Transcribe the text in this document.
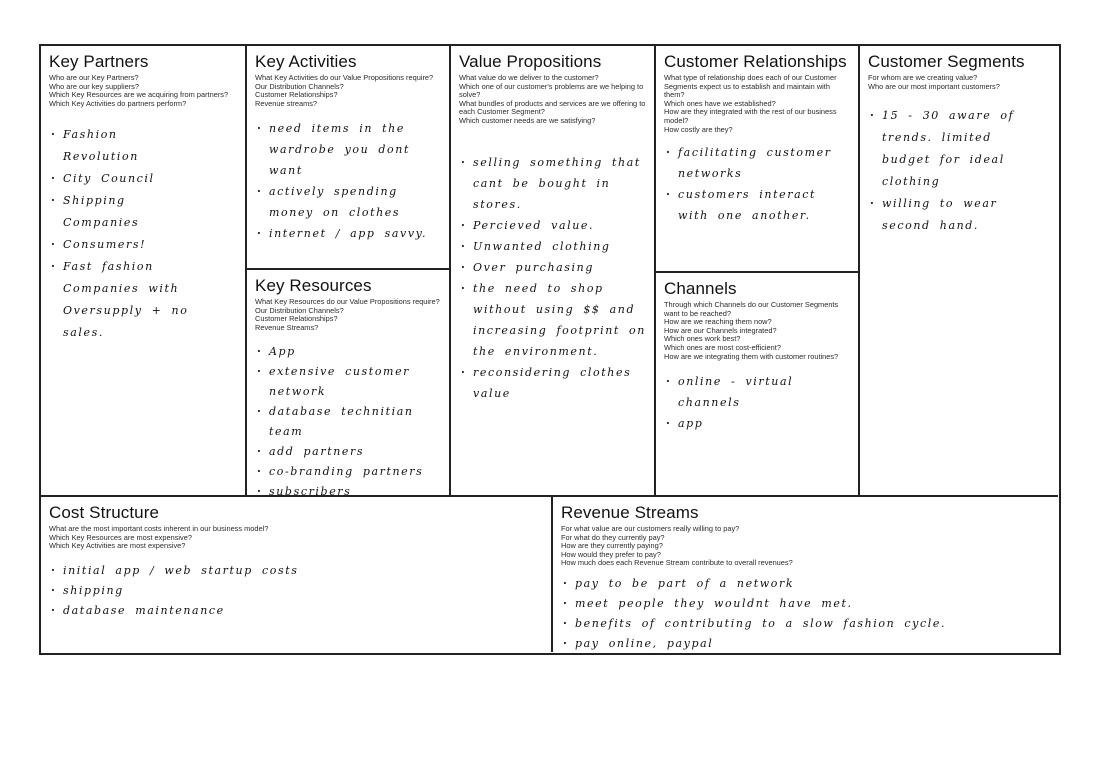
Key Partners
Who are our Key Partners?
Who are our key suppliers?
Which Key Resources are we acquiring from partners?
Which Key Activities do partners perform?
· Fashion Revolution
· City Council
· Shipping Companies
· Consumers!
· Fast fashion Companies with Oversupply + no sales.
Key Activities
What Key Activities do our Value Propositions require?
Our Distribution Channels?
Customer Relationships?
Revenue streams?
· need items in the wardrobe you dont want
· actively spending money on clothes
· internet / app savvy.
Key Resources
What Key Resources do our Value Propositions require?
Our Distribution Channels?
Customer Relationships?
Revenue Streams?
· App
· extensive customer network
· database technitian team
· add partners
· co-branding partners
· subscribers
Value Propositions
What value do we deliver to the customer?
Which one of our customer's problems are we helping to solve?
What bundles of products and services are we offering to each Customer Segment?
Which customer needs are we satisfying?
· selling something that cant be bought in stores.
· Percieved value.
· Unwanted clothing
· Over purchasing
· the need to shop without using $$ and increasing footprint on the environment.
· reconsidering clothes value
Customer Relationships
What type of relationship does each of our Customer Segments expect us to establish and maintain with them?
Which ones have we established?
How are they integrated with the rest of our business model?
How costly are they?
· facilitating customer networks
· customers interact with one another.
Channels
Through which Channels do our Customer Segments want to be reached?
How are we reaching them now?
How are our Channels integrated?
Which ones work best?
Which ones are most cost-efficient?
How are we integrating them with customer routines?
· online - virtual channels
· app
Customer Segments
For whom are we creating value?
Who are our most important customers?
· 15 - 30 aware of trends. limited budget for ideal clothing
· willing to wear second hand.
Cost Structure
What are the most important costs inherent in our business model?
Which Key Resources are most expensive?
Which Key Activities are most expensive?
· initial app / web startup costs
· shipping
· database maintenance
Revenue Streams
For what value are our customers really willing to pay?
For what do they currently pay?
How are they currently paying?
How would they prefer to pay?
How much does each Revenue Stream contribute to overall revenues?
· pay to be part of a network
· meet people they wouldnt have met.
· benefits of contributing to a slow fashion cycle.
· pay online, paypal
